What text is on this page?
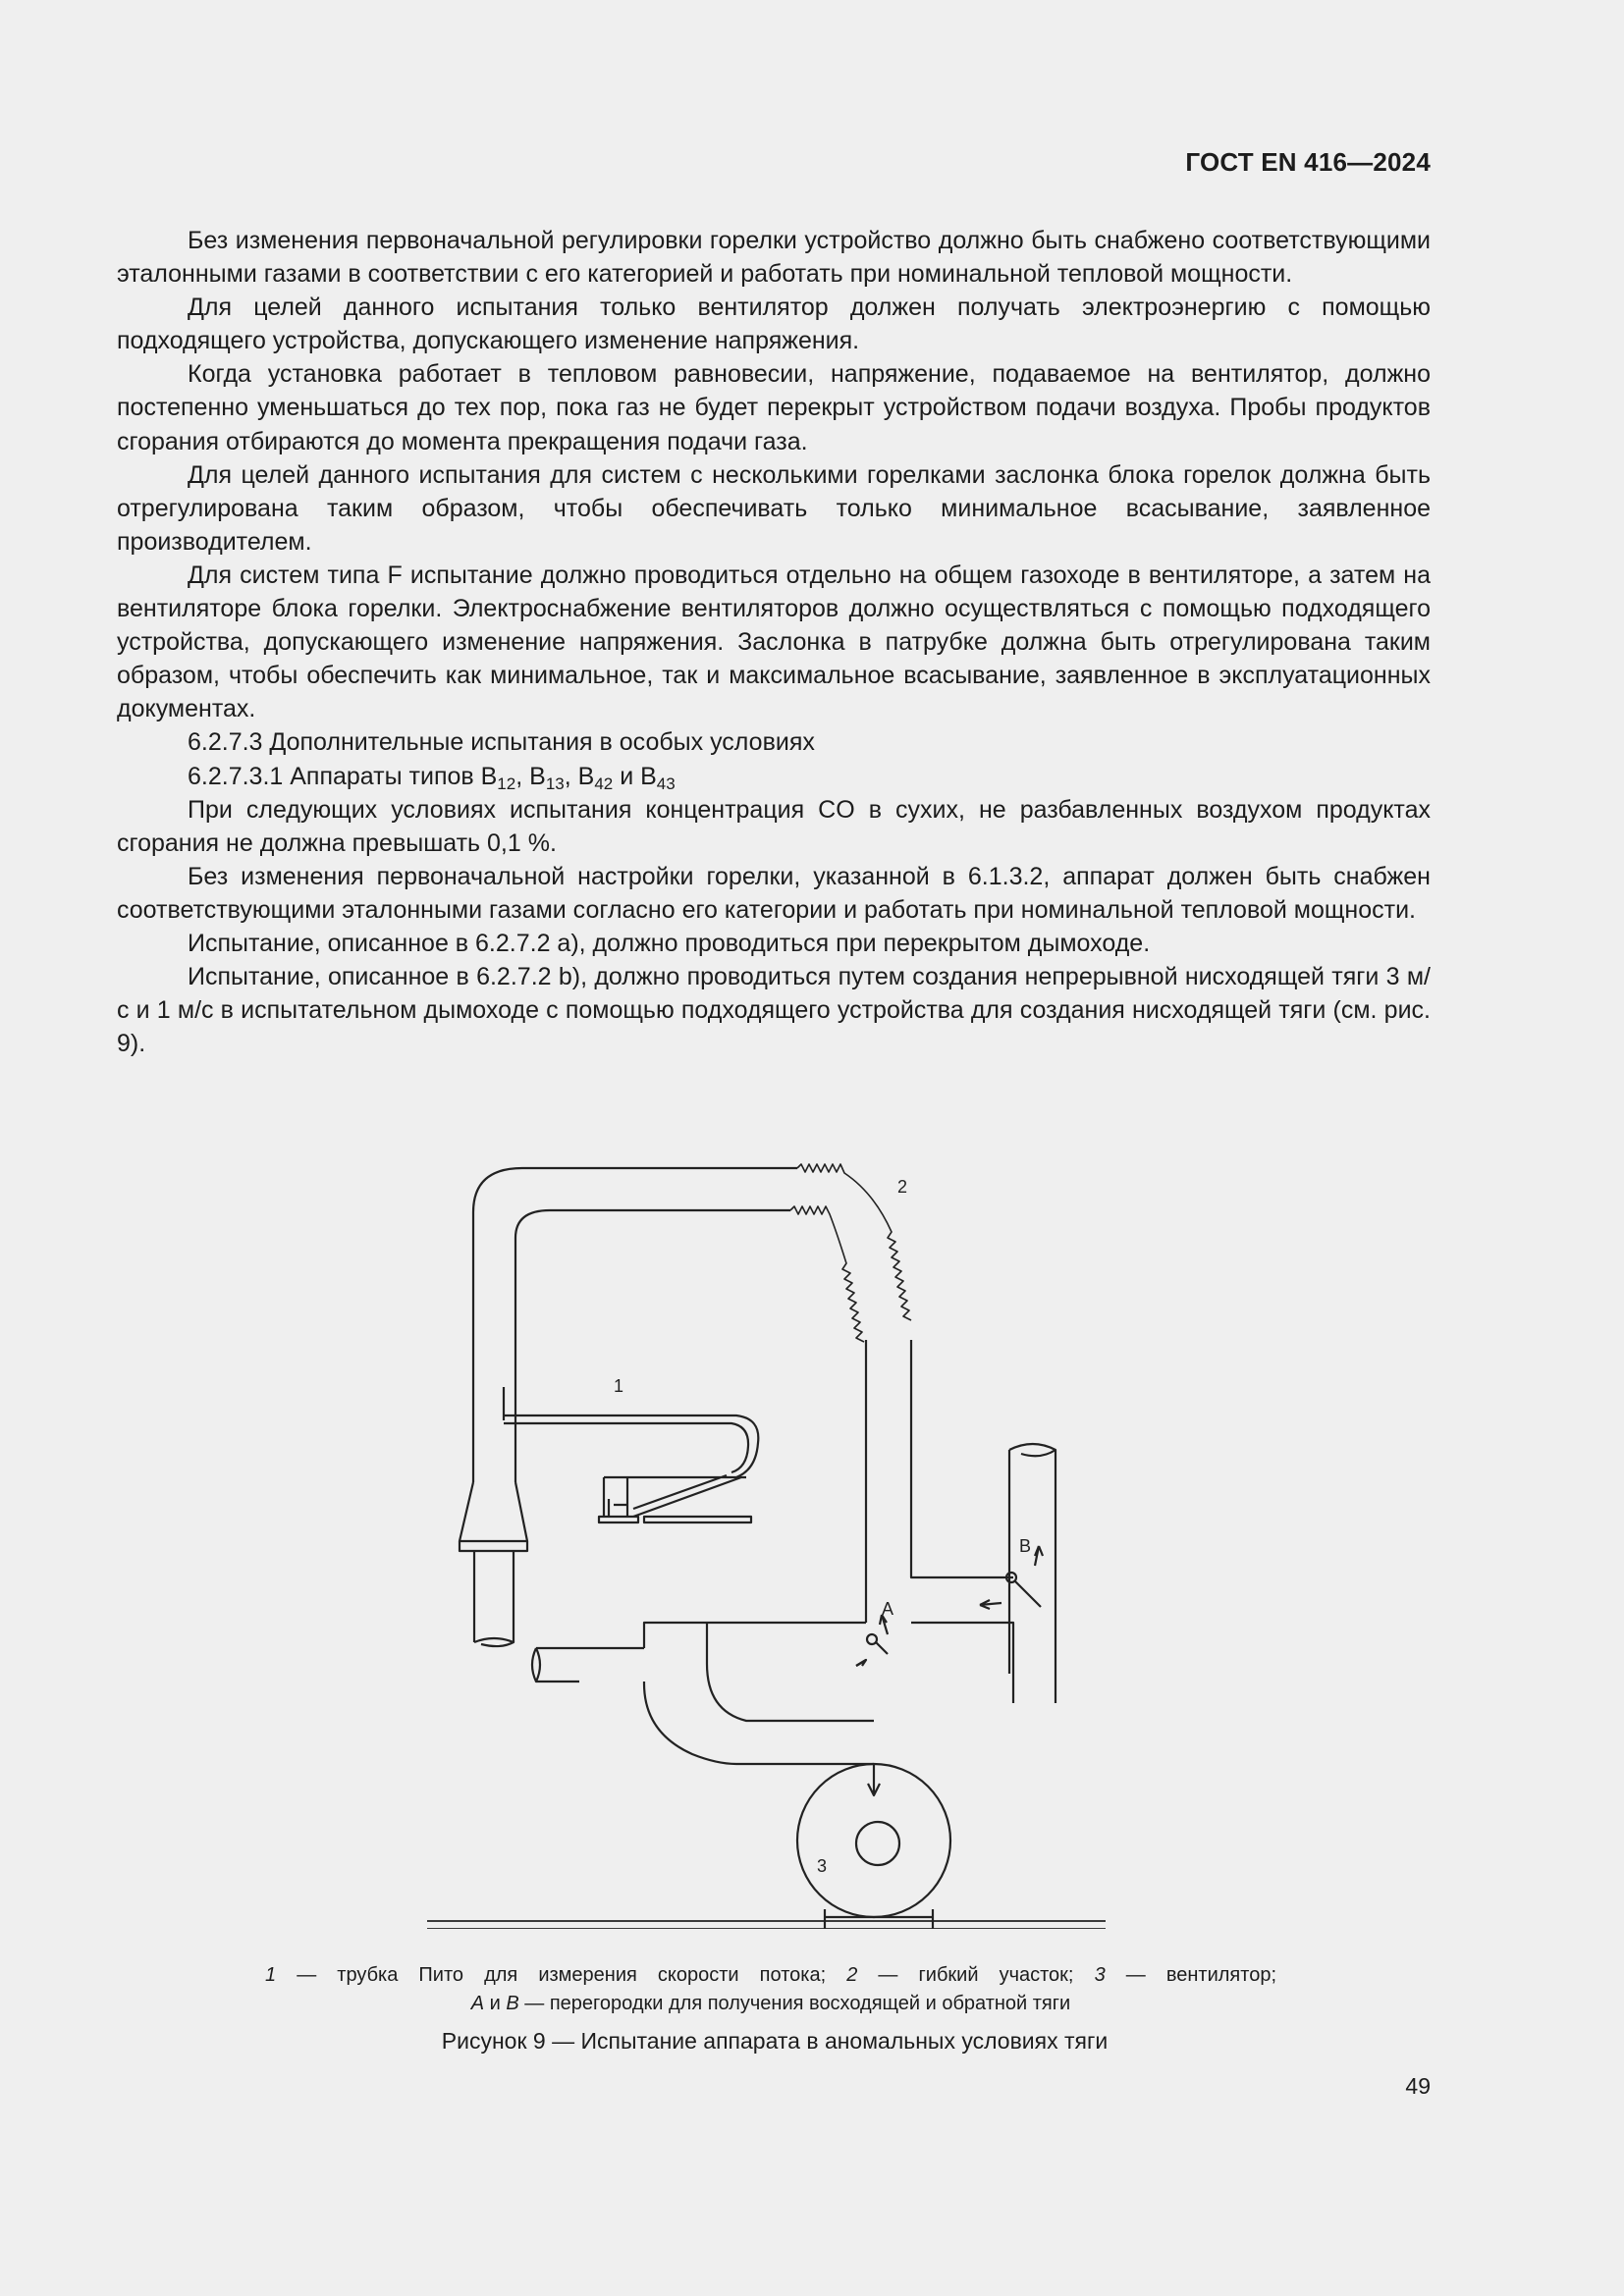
ГОСТ EN 416—2024

Без изменения первоначальной регулировки горелки устройство должно быть снабжено соответствующими эталонными газами в соответствии с его категорией и работать при номинальной тепловой мощности.

Для целей данного испытания только вентилятор должен получать электроэнергию с помощью подходящего устройства, допускающего изменение напряжения.

Когда установка работает в тепловом равновесии, напряжение, подаваемое на вентилятор, должно постепенно уменьшаться до тех пор, пока газ не будет перекрыт устройством подачи воздуха. Пробы продуктов сгорания отбираются до момента прекращения подачи газа.

Для целей данного испытания для систем с несколькими горелками заслонка блока горелок должна быть отрегулирована таким образом, чтобы обеспечивать только минимальное всасывание, заявленное производителем.

Для систем типа F испытание должно проводиться отдельно на общем газоходе в вентиляторе, а затем на вентиляторе блока горелки. Электроснабжение вентиляторов должно осуществляться с помощью подходящего устройства, допускающего изменение напряжения. Заслонка в патрубке должна быть отрегулирована таким образом, чтобы обеспечить как минимальное, так и максимальное всасывание, заявленное в эксплуатационных документах.

6.2.7.3 Дополнительные испытания в особых условиях

6.2.7.3.1 Аппараты типов $B_{12}$, $B_{13}$, $B_{42}$ и $B_{43}$

При следующих условиях испытания концентрация CO в сухих, не разбавленных воздухом продуктах сгорания не должна превышать 0,1 %.

Без изменения первоначальной настройки горелки, указанной в 6.1.3.2, аппарат должен быть снабжен соответствующими эталонными газами согласно его категории и работать при номинальной тепловой мощности.

Испытание, описанное в 6.2.7.2 a), должно проводиться при перекрытом дымоходе.

Испытание, описанное в 6.2.7.2 b), должно проводиться путем создания непрерывной нисходящей тяги 3 м/с и 1 м/с в испытательном дымоходе с помощью подходящего устройства для создания нисходящей тяги (см. рис. 9).

1
2
3
A
B
1 — трубка Пито для измерения скорости потока; 2 — гибкий участок; 3 — вентилятор;
A и B — перегородки для получения восходящей и обратной тяги
Рисунок 9 — Испытание аппарата в аномальных условиях тяги
49
